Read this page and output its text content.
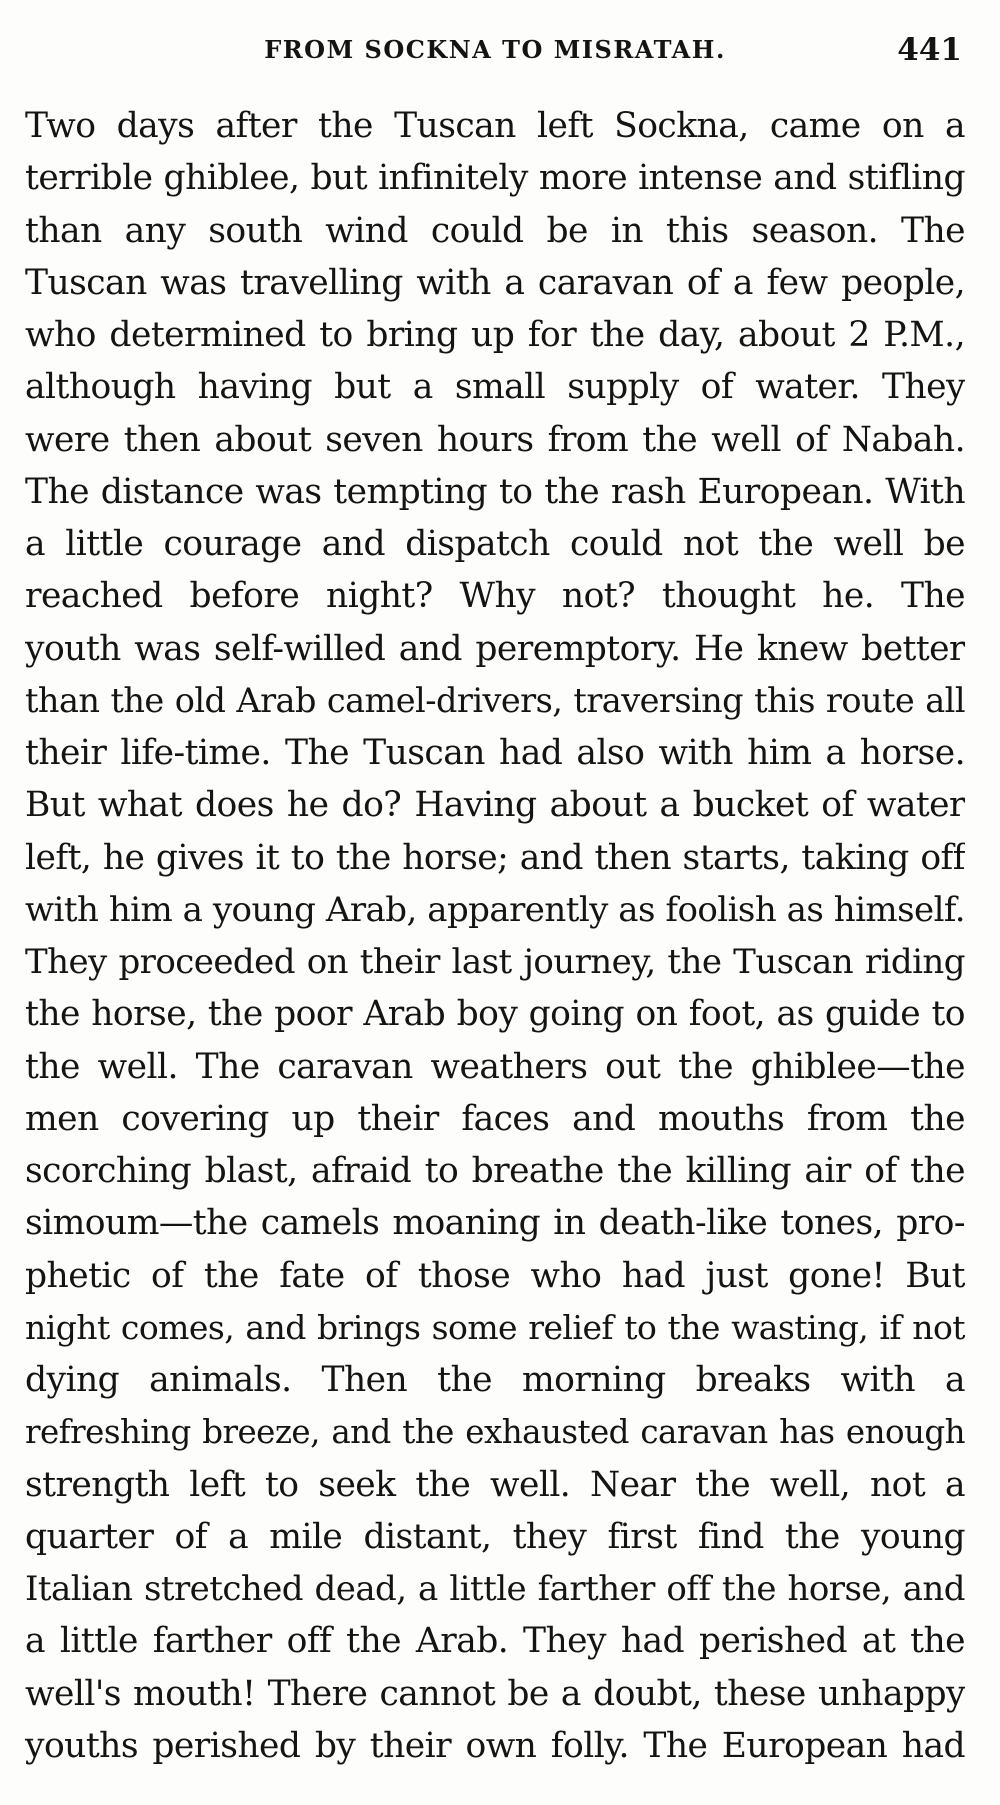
FROM SOCKNA TO MISRATAH.	441
Two days after the Tuscan left Sockna, came on a
terrible ghiblee, but infinitely more intense and stifling
than any south wind could be in this season. The
Tuscan was travelling with a caravan of a few people,
who determined to bring up for the day, about 2 P.M.,
although having but a small supply of water. They
were then about seven hours from the well of Nabah.
The distance was tempting to the rash European. With
a little courage and dispatch could not the well be
reached before night? Why not? thought he. The
youth was self-willed and peremptory. He knew better
than the old Arab camel-drivers, traversing this route all
their life-time. The Tuscan had also with him a horse.
But what does he do? Having about a bucket of water
left, he gives it to the horse; and then starts, taking off
with him a young Arab, apparently as foolish as himself.
They proceeded on their last journey, the Tuscan riding
the horse, the poor Arab boy going on foot, as guide to
the well. The caravan weathers out the ghiblee—the
men covering up their faces and mouths from the
scorching blast, afraid to breathe the killing air of the
simoum—the camels moaning in death-like tones, pro-
phetic of the fate of those who had just gone! But
night comes, and brings some relief to the wasting, if not
dying animals. Then the morning breaks with a
refreshing breeze, and the exhausted caravan has enough
strength left to seek the well. Near the well, not a
quarter of a mile distant, they first find the young
Italian stretched dead, a little farther off the horse, and
a little farther off the Arab. They had perished at the
well's mouth! There cannot be a doubt, these unhappy
youths perished by their own folly. The European had
